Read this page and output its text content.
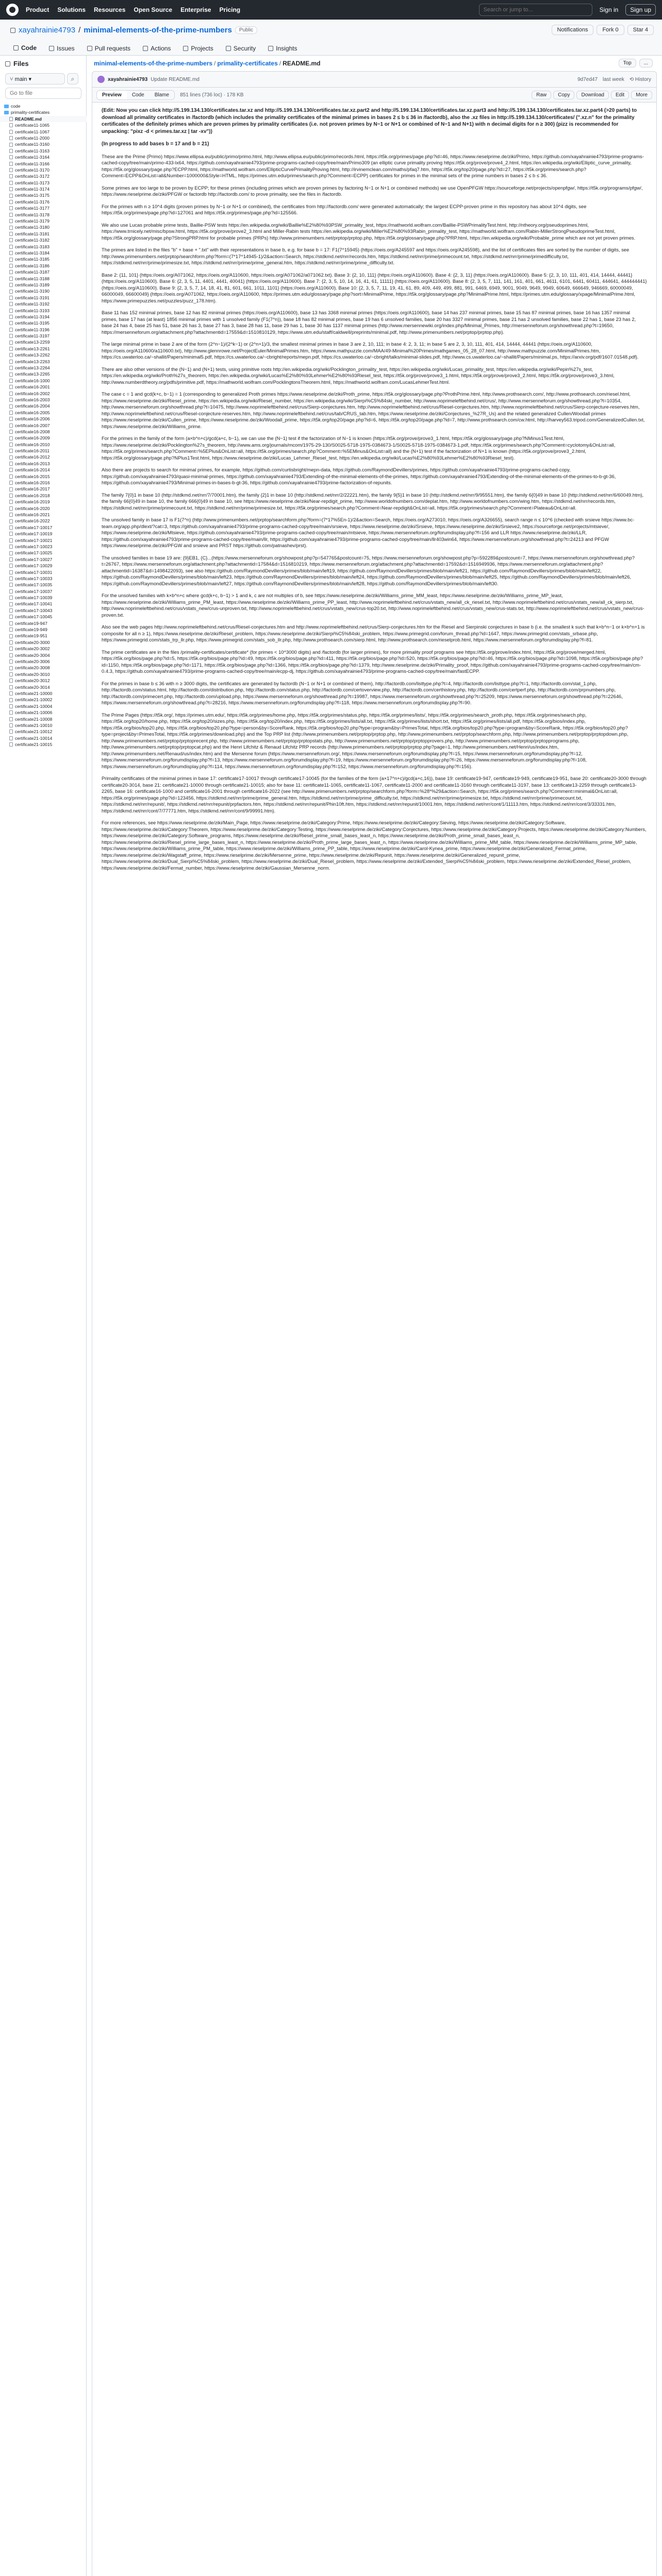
Product Solutions Resources Open Source Enterprise Pricing
Search or jump to...	Sign in	Sign up
xayahrainie4793 / minimal-elements-of-the-prime-numbers	Public	Notifications	Fork 0	Star 4
Code	Issues	Pull requests	Actions	Projects	Security	Insights
Files
⑂ main ▾	⌕
Go to file
code
primality-certificates
README.md
certificate11-1065
certificate11-1067
certificate11-2000
certificate11-3160
certificate11-3163
certificate11-3164
certificate11-3166
certificate11-3170
certificate11-3172
certificate11-3173
certificate11-3174
certificate11-3175
certificate11-3176
certificate11-3177
certificate11-3178
certificate11-3179
certificate11-3180
certificate11-3181
certificate11-3182
certificate11-3183
certificate11-3184
certificate11-3185
certificate11-3186
certificate11-3187
certificate11-3188
certificate11-3189
certificate11-3190
certificate11-3191
certificate11-3192
certificate11-3193
certificate11-3194
certificate11-3195
certificate11-3196
certificate11-3197
certificate13-2259
certificate13-2261
certificate13-2262
certificate13-2263
certificate13-2264
certificate13-2265
certificate16-1000
certificate16-2001
certificate16-2002
certificate16-2003
certificate16-2004
certificate16-2005
certificate16-2006
certificate16-2007
certificate16-2008
certificate16-2009
certificate16-2010
certificate16-2011
certificate16-2012
certificate16-2013
certificate16-2014
certificate16-2015
certificate16-2016
certificate16-2017
certificate16-2018
certificate16-2019
certificate16-2020
certificate16-2021
certificate16-2022
certificate17-10017
certificate17-10019
certificate17-10021
certificate17-10023
certificate17-10025
certificate17-10027
certificate17-10029
certificate17-10031
certificate17-10033
certificate17-10035
certificate17-10037
certificate17-10039
certificate17-10041
certificate17-10043
certificate17-10045
certificate19-947
certificate19-949
certificate19-951
certificate20-3000
certificate20-3002
certificate20-3004
certificate20-3006
certificate20-3008
certificate20-3010
certificate20-3012
certificate20-3014
certificate21-10000
certificate21-10002
certificate21-10004
certificate21-10006
certificate21-10008
certificate21-10010
certificate21-10012
certificate21-10014
certificate21-10015
minimal-elements-of-the-prime-numbers / primality-certificates / README.md	Top	...
xayahrainie4793 Update README.md	9d7ed47 last week ⟲ History
Preview	Code	Blame	851 lines (736 loc) · 178 KB	Raw	Copy	Download	Edit	More

(Edit: Now you can click http://5.199.134.130/certificates.tar.xz and http://5.199.134.130/certificates.tar.xz.part2 and http://5.199.134.130/certificates.tar.xz.part3 and http://5.199.134.130/certificates.tar.xz.part4 (>20 parts) to download all primality certificates in /factordb (which includes the primality certificates of the minimal primes in bases 2 ≤ b ≤ 36 in /factordb), also the .xz files in http://5.199.134.130/certificates/ (".xz.n" for the primality certificates of the definitely primes which are proven primes by primality certificates (i.e. not proven primes by N−1 or N+1 or combined of N−1 and N+1) with n decimal digits for n ≥ 300) (pizz is recommended for unpacking: "pixz -d < primes.tar.xz | tar -xv"))

(In progress to add bases b = 17 and b = 21)

These are the Prime (Primo) https://www.ellipsa.eu/public/primo/primo.html, http://www.ellipsa.eu/public/primo/records.html, https://t5k.org/primes/page.php?id=46, https://www.rieselprime.de/ziki/Primo, https://github.com/xayahrainie4793/prime-programs-cached-copy/tree/main/primo-433-lx64, https://github.com/xayahrainie4793/prime-programs-cached-copy/tree/main/Primo309 (an elliptic curve primality proving https://t5k.org/prove/prove4_2.html, https://en.wikipedia.org/wiki/Elliptic_curve_primality, https://t5k.org/glossary/page.php?ECPP.html, https://mathworld.wolfram.com/EllipticCurvePrimalityProving.html, http://irvinemclean.com/maths/pfaq7.htm, https://t5k.org/top20/page.php?id=27, https://t5k.org/primes/search.php?Comment=ECPP&OnList=all&Number=1000000&Style=HTML, https://primes.utm.edu/primes/search.php?Comment=ECPP) certificates for primes in the minimal sets of the prime numbers in bases 2 ≤ b ≤ 36.

Some primes are too large to be proven by ECPP; for these primes (including primes which are proven primes by factoring N−1 or N+1 or combined methods) we use OpenPFGW https://sourceforge.net/projects/openpfgw/, https://t5k.org/programs/pfgw/, https://www.rieselprime.de/ziki/PFGW or factordb http://factordb.com/ to prove primality, see the files in /factordb.

For the primes with n ≥ 10^4 digits (proven primes by N−1 or N+1 or combined), the certificates from http://factordb.com/ were generated automatically; the largest ECPP-proven prime in this repository has about 10^4 digits, see https://t5k.org/primes/page.php?id=127061 and https://t5k.org/primes/page.php?id=125566.

We also use Lucas probable prime tests, Baillie-PSW tests https://en.wikipedia.org/wiki/Baillie%E2%80%93PSW_primality_test, https://mathworld.wolfram.com/Baillie-PSWPrimalityTest.html, http://ntheory.org/pseudoprimes.html, https://www.trnicely.net/misc/bpsw.html, https://t5k.org/prove/prove2_3.html and Miller-Rabin tests https://en.wikipedia.org/wiki/Miller%E2%80%93Rabin_primality_test, https://mathworld.wolfram.com/Rabin-MillerStrongPseudoprimeTest.html, https://t5k.org/glossary/page.php?StrongPRP.html for probable primes (PRPs) http://www.primenumbers.net/prptop/prptop.php, https://t5k.org/glossary/page.php?PRP.html, https://en.wikipedia.org/wiki/Probable_prime which are not yet proven primes.

The primes are listed in the files "b" + base + ".txt" with their representations in base b, e.g. for base b = 17: F1(7^15945) (https://oeis.org/A245597 and https://oeis.org/A245598), and the list of certificates files are sorted by the number of digits, see http://www.primenumbers.net/prptop/searchform.php?form=(7*17^14945-1)/2&action=Search, https://stdkmd.net/nrr/records.htm, https://stdkmd.net/nrr/prime/primecount.txt, https://stdkmd.net/nrr/prime/primedifficulty.txt, https://stdkmd.net/nrr/prime/primesize.txt, https://stdkmd.net/nrr/prime/prime_general.htm, https://stdkmd.net/nrr/prime/prime_difficulty.txt.

Base 2: {11, 101} (https://oeis.org/A071062, https://oeis.org/A110600, https://oeis.org/A071062/a071062.txt). Base 3: {2, 10, 111} (https://oeis.org/A110600). Base 4: {2, 3, 11} (https://oeis.org/A110600). Base 5: {2, 3, 10, 111, 401, 414, 14444, 44441} (https://oeis.org/A110600). Base 6: {2, 3, 5, 11, 4401, 4441, 40041} (https://oeis.org/A110600). Base 7: {2, 3, 5, 10, 14, 16, 41, 61, 11111} (https://oeis.org/A110600). Base 8: {2, 3, 5, 7, 111, 141, 161, 401, 661, 4611, 6101, 6441, 60411, 444641, 444444441} (https://oeis.org/A110600). Base 9: {2, 3, 5, 7, 14, 18, 41, 81, 601, 661, 1011, 1101} (https://oeis.org/A110600). Base 10: {2, 3, 5, 7, 11, 19, 41, 61, 89, 409, 449, 499, 881, 991, 6469, 6949, 9001, 9049, 9649, 9949, 60649, 666649, 946669, 60000049, 66000049, 66600049} (https://oeis.org/A071062, https://oeis.org/A110600, https://primes.utm.edu/glossary/page.php?sort=MinimalPrime, https://t5k.org/glossary/page.php?MinimalPrime.html, https://primes.utm.edu/glossary/xpage/MinimalPrime.html, https://www.primepuzzles.net/puzzles/puzz_178.htm).

Base 11 has 152 minimal primes, base 12 has 82 minimal primes (https://oeis.org/A110600), base 13 has 3368 minimal primes (https://oeis.org/A110600), base 14 has 237 minimal primes, base 15 has 87 minimal primes, base 16 has 1357 minimal primes, base 17 has (at least) 1856 minimal primes with 1 unsolved family (F1(7^n)), base 18 has 82 minimal primes, base 19 has 6 unsolved families, base 20 has 3327 minimal primes, base 21 has 2 unsolved families, base 22 has 1, base 23 has 2, base 24 has 4, base 25 has 51, base 26 has 3, base 27 has 3, base 28 has 11, base 29 has 1, base 30 has 1137 minimal primes (http://www.mersennewiki.org/index.php/Minimal_Primes, http://mersenneforum.org/showthread.php?t=19650, https://mersenneforum.org/attachment.php?attachmentid=17559&d=1510810129, https://www.utm.edu/staff/caldwell/preprints/minimal.pdf, http://www.primenumbers.net/prptop/prptop.php).

The large minimal prime in base 2 are of the form (2^n−1)/(2^k−1) or (2^n+1)/3, the smallest minimal primes in base 3 are 2, 10, 111; in base 4: 2, 3, 11; in base 5 are 2, 3, 10, 111, 401, 414, 14444, 44441 (https://oeis.org/A110600, https://oeis.org/A110600/a110600.txt), http://www.glennrowe.net/ProjectEuler/MinimalPrimes.htm, https://www.mathpuzzle.com/MAA/49-Minimal%20Primes/mathgames_05_28_07.html, http://www.mathpuzzle.com/MinimalPrimes.htm, https://cs.uwaterloo.ca/~shallit/Papers/minimal5.pdf, https://cs.uwaterloo.ca/~cbright/reports/mepn.pdf, https://cs.uwaterloo.ca/~cbright/talks/minimal-slides.pdf, http://www.cs.uwaterloo.ca/~shallit/Papers/minimal.ps, https://arxiv.org/pdf/1607.01548.pdf).

There are also other versions of the (N−1) and (N+1) tests, using primitive roots http://en.wikipedia.org/wiki/Pocklington_primality_test, https://en.wikipedia.org/wiki/Lucas_primality_test, https://en.wikipedia.org/wiki/Pepin%27s_test, https://en.wikipedia.org/wiki/Proth%27s_theorem, https://en.wikipedia.org/wiki/Lucas%E2%80%93Lehmer%E2%80%93Riesel_test, https://t5k.org/prove/prove3_1.html, https://t5k.org/prove/prove3_2.html, https://t5k.org/prove/prove3_3.html, http://www.numberdtheory.org/pdfs/primitive.pdf, https://mathworld.wolfram.com/PocklingtonsTheorem.html, https://mathworld.wolfram.com/LucasLehmerTest.html.

The case c = 1 and gcd(k+c, b−1) = 1 (corresponding to generalized Proth primes https://www.rieselprime.de/ziki/Proth_prime, https://t5k.org/glossary/page.php?ProthPrime.html, http://www.prothsearch.com/, http://www.prothsearch.com/riesel.html, https://www.rieselprime.de/ziki/Riesel_prime, https://en.wikipedia.org/wiki/Riesel_number, https://en.wikipedia.org/wiki/Sierpi%C5%84ski_number, http://www.noprimeleftbehind.net/crus/, http://www.mersenneforum.org/showthread.php?t=10354, http://www.mersenneforum.org/showthread.php?t=10475, http://www.noprimeleftbehind.net/crus/Sierp-conjectures.htm, http://www.noprimeleftbehind.net/crus/Riesel-conjectures.htm, http://www.noprimeleftbehind.net/crus/Sierp-conjecture-reserves.htm, http://www.noprimeleftbehind.net/crus/Riesel-conjecture-reserves.htm, http://www.noprimeleftbehind.net/crus/tab/CRUS_tab.htm, https://www.rieselprime.de/ziki/Conjectures_%27R_Us) and the related generalized Cullen/Woodall primes https://www.rieselprime.de/ziki/Cullen_prime, https://www.rieselprime.de/ziki/Woodall_prime, https://t5k.org/top20/page.php?id=6, https://t5k.org/top20/page.php?id=7, http://www.prothsearch.com/cw.html, http://harvey563.tripod.com/GeneralizedCullen.txt, https://www.rieselprime.de/ziki/Williams_prime.

For the primes in the family of the form (a×b^n+c)/gcd(a+c, b−1), we can use the (N−1) test if the factorization of N−1 is known (https://t5k.org/prove/prove3_1.html, https://t5k.org/glossary/page.php?NMinus1Test.html, https://www.rieselprime.de/ziki/Pocklington%27s_theorem, http://www.ams.org/journals/mcom/1975-29-130/S0025-5718-1975-0384673-1/S0025-5718-1975-0384673-1.pdf, https://t5k.org/primes/search.php?Comment=cyclotomy&OnList=all, https://t5k.org/primes/search.php?Comment=%5EPlus&OnList=all, https://t5k.org/primes/search.php?Comment=%5EMinus&OnList=all) and the (N+1) test if the factorization of N+1 is known (https://t5k.org/prove/prove3_2.html, https://t5k.org/glossary/page.php?NPlus1Test.html, https://www.rieselprime.de/ziki/Lucas_Lehmer_Riesel_test, https://en.wikipedia.org/wiki/Lucas%E2%80%93Lehmer%E2%80%93Riesel_test).

Also there are projects to search for minimal primes, for example, https://github.com/curtisbright/mepn-data, https://github.com/RaymondDevillers/primes, https://github.com/xayahrainie4793/prime-programs-cached-copy, https://github.com/xayahrainie4793/quasi-minimal-primes, https://github.com/xayahrainie4793/Extending-of-the-minimal-elements-of-the-primes, https://github.com/xayahrainie4793/Extending-of-the-minimal-elements-of-the-primes-to-b-gt-36, https://github.com/xayahrainie4793/Minimal-primes-in-bases-b-gt-36, https://github.com/xayahrainie4793/prime-factorization-of-repunits.

The family 7{0}1 in base 10 (http://stdkmd.net/nrr/7/70001.htm), the family {2}1 in base 10 (http://stdkmd.net/nrr/2/22221.htm), the family 9{5}1 in base 10 (http://stdkmd.net/nrr/9/95551.htm), the family 6{0}49 in base 10 (http://stdkmd.net/nrr/6/60049.htm), the family 66{0}49 in base 10, the family 666{0}49 in base 10, see https://www.rieselprime.de/ziki/Near-repdigit_prime, http://www.worldofnumbers.com/deplat.htm, http://www.worldofnumbers.com/wing.htm, https://stdkmd.net/nrr/records.htm, https://stdkmd.net/nrr/prime/primecount.txt, https://stdkmd.net/nrr/prime/primesize.txt, https://t5k.org/primes/search.php?Comment=Near-repdigit&OnList=all, https://t5k.org/primes/search.php?Comment=Plateau&OnList=all.

The unsolved family in base 17 is F1(7^n) (http://www.primenumbers.net/prptop/searchform.php?form=(7*17%5En-1)/2&action=Search, https://oeis.org/A273010, https://oeis.org/A326655), search range n ≤ 10^6 (checked with srsieve https://www.bc-team.org/app.php/dlext/?cat=3, https://github.com/xayahrainie4793/prime-programs-cached-copy/tree/main/srsieve, https://www.rieselprime.de/ziki/Srsieve, https://www.rieselprime.de/ziki/Srsieve2, https://sourceforge.net/projects/mtsieve/, https://www.rieselprime.de/ziki/Mtsieve, https://github.com/xayahrainie4793/prime-programs-cached-copy/tree/main/mtsieve, https://www.mersenneforum.org/forumdisplay.php?f=156 and LLR https://www.rieselprime.de/ziki/LLR, https://github.com/xayahrainie4793/prime-programs-cached-copy/tree/main/llr, https://github.com/xayahrainie4793/prime-programs-cached-copy/tree/main/llr403win64, https://www.mersenneforum.org/showthread.php?t=24213 and PFGW https://www.rieselprime.de/ziki/PFGW and srsieve and PRST https://github.com/patnashev/prst).

The unsolved families in base 19 are: {9}EB1, {C}...(https://www.mersenneforum.org/showpost.php?p=547765&postcount=75, https://www.mersenneforum.org/showpost.php?p=592289&postcount=7, https://www.mersenneforum.org/showthread.php?t=26767, https://www.mersenneforum.org/attachment.php?attachmentid=17584&d=1516810219, https://www.mersenneforum.org/attachment.php?attachmentid=17592&d=1516949936, https://www.mersenneforum.org/attachment.php?attachmentid=16387&d=1498422093), see also https://github.com/RaymondDevillers/primes/blob/main/left19, https://github.com/RaymondDevillers/primes/blob/main/left21, https://github.com/RaymondDevillers/primes/blob/main/left22, https://github.com/RaymondDevillers/primes/blob/main/left23, https://github.com/RaymondDevillers/primes/blob/main/left24, https://github.com/RaymondDevillers/primes/blob/main/left25, https://github.com/RaymondDevillers/primes/blob/main/left26, https://github.com/RaymondDevillers/primes/blob/main/left27, https://github.com/RaymondDevillers/primes/blob/main/left28, https://github.com/RaymondDevillers/primes/blob/main/left30.

For the unsolved families with k×b^n+c where gcd(k+c, b−1) > 1 and k, c are not multiples of b, see https://www.rieselprime.de/ziki/Williams_prime_MM_least, https://www.rieselprime.de/ziki/Williams_prime_MP_least, https://www.rieselprime.de/ziki/Williams_prime_PM_least, https://www.rieselprime.de/ziki/Williams_prime_PP_least, http://www.noprimeleftbehind.net/crus/vstats_new/all_ck_riesel.txt, http://www.noprimeleftbehind.net/crus/vstats_new/all_ck_sierp.txt, http://www.noprimeleftbehind.net/crus/vstats_new/crus-unproven.txt, http://www.noprimeleftbehind.net/crus/vstats_new/crus-top20.txt, http://www.noprimeleftbehind.net/crus/vstats_new/crus-stats.txt, http://www.noprimeleftbehind.net/crus/vstats_new/crus-proven.txt.

Also see the web pages http://www.noprimeleftbehind.net/crus/Riesel-conjectures.htm and http://www.noprimeleftbehind.net/crus/Sierp-conjectures.htm for the Riesel and Sierpinski conjectures in base b (i.e. the smallest k such that k×b^n−1 or k×b^n+1 is composite for all n ≥ 1), https://www.rieselprime.de/ziki/Riesel_problem, https://www.rieselprime.de/ziki/Sierpi%C5%84ski_problem, https://www.primegrid.com/forum_thread.php?id=1647, https://www.primegrid.com/stats_srbase.php, https://www.primegrid.com/stats_trp_llr.php, https://www.primegrid.com/stats_sob_llr.php, http://www.prothsearch.com/sierp.html, http://www.prothsearch.com/rieselprob.html, https://www.mersenneforum.org/forumdisplay.php?f=81.

The prime certificates are in the files /primality-certificates/certificate* (for primes < 10^3000 digits) and /factordb (for larger primes), for more primality proof programs see https://t5k.org/prove/index.html, https://t5k.org/prove/merged.html, https://t5k.org/bios/page.php?id=5, https://t5k.org/bios/page.php?id=49, https://t5k.org/bios/page.php?id=411, https://t5k.org/bios/page.php?id=520, https://t5k.org/bios/page.php?id=46, https://t5k.org/bios/page.php?id=1098, https://t5k.org/bios/page.php?id=1150, https://t5k.org/bios/page.php?id=1171, https://t5k.org/bios/page.php?id=1366, https://t5k.org/bios/page.php?id=1379, http://www.rieselprime.de/ziki/Primality_proof, https://github.com/xayahrainie4793/prime-programs-cached-copy/tree/main/cm-0.4.3, https://github.com/xayahrainie4793/prime-programs-cached-copy/tree/main/ecpp-dj, https://github.com/xayahrainie4793/prime-programs-cached-copy/tree/main/fastECPP.

For the primes in base b ≤ 36 with n ≥ 3000 digits, the certificates are generated by factordb (N−1 or N+1 or combined of them), http://factordb.com/listtype.php?t=4, http://factordb.com/listtype.php?t=1, http://factordb.com/stat_1.php, http://factordb.com/status.html, http://factordb.com/distribution.php, http://factordb.com/status.php, http://factordb.com/certoverview.php, http://factordb.com/certhistory.php, http://factordb.com/certperf.php, http://factordb.com/prpnumbers.php, http://factordb.com/primecert.php, http://factordb.com/upload.php, https://www.mersenneforum.org/showthread.php?t=19987, https://www.mersenneforum.org/showthread.php?t=25209, https://www.mersenneforum.org/showthread.php?t=22646, https://www.mersenneforum.org/showthread.php?t=28216, https://www.mersenneforum.org/forumdisplay.php?f=118, https://www.mersenneforum.org/forumdisplay.php?f=90.

The Prime Pages (https://t5k.org/, https://primes.utm.edu/, https://t5k.org/primes/home.php, https://t5k.org/primes/status.php, https://t5k.org/primes/lists/, https://t5k.org/primes/search_proth.php, https://t5k.org/primes/search.php, https://t5k.org/top20/home.php, https://t5k.org/top20/sizes.php, https://t5k.org/top20/index.php, https://t5k.org/primes/lists/all.txt, https://t5k.org/primes/lists/short.txt, https://t5k.org/primes/lists/all.pdf, https://t5k.org/bios/index.php, https://t5k.org/bios/top20.php, https://t5k.org/bios/top20.php?type=person&by=ScoreRank, https://t5k.org/bios/top20.php?type=program&by=PrimesTotal, https://t5k.org/bios/top20.php?type=program&by=ScoreRank, https://t5k.org/bios/top20.php?type=project&by=PrimesTotal, https://t5k.org/primes/download.php) and the Top PRP list (http://www.primenumbers.net/prptop/prptop.php, http://www.primenumbers.net/prptop/searchform.php, http://www.primenumbers.net/prptop/prptopdown.php, http://www.primenumbers.net/prptop/prptoprecent.php, http://www.primenumbers.net/prptop/prptopstats.php, http://www.primenumbers.net/prptop/prptopprovers.php, http://www.primenumbers.net/prptop/prptopprograms.php, http://www.primenumbers.net/prptop/prptopcat.php) and the Henri Lifchitz & Renaud Lifchitz PRP records (http://www.primenumbers.net/prptop/prptop.php?page=1, http://www.primenumbers.net/Henri/us/index.htm, http://www.primenumbers.net/Renaud/us/index.htm) and the Mersenne forum (https://www.mersenneforum.org/, https://www.mersenneforum.org/forumdisplay.php?f=15, https://www.mersenneforum.org/forumdisplay.php?f=12, https://www.mersenneforum.org/forumdisplay.php?f=13, https://www.mersenneforum.org/forumdisplay.php?f=19, https://www.mersenneforum.org/forumdisplay.php?f=26, https://www.mersenneforum.org/forumdisplay.php?f=108, https://www.mersenneforum.org/forumdisplay.php?f=114, https://www.mersenneforum.org/forumdisplay.php?f=152, https://www.mersenneforum.org/forumdisplay.php?f=156).

Primality certificates of the minimal primes in base 17: certificate17-10017 through certificate17-10045 (for the families of the form (a×17^n+c)/gcd(a+c,16)), base 19: certificate19-947, certificate19-949, certificate19-951, base 20: certificate20-3000 through certificate20-3014, base 21: certificate21-10000 through certificate21-10015; also for base 11: certificate11-1065, certificate11-1067, certificate11-2000 and certificate11-3160 through certificate11-3197, base 13: certificate13-2259 through certificate13-2265, base 16: certificate16-1000 and certificate16-2001 through certificate16-2022 (see http://www.primenumbers.net/prptop/searchform.php?form=%28*%29&action=Search, https://t5k.org/primes/search.php?Comment=minimal&OnList=all, https://t5k.org/primes/page.php?id=123456, https://stdkmd.net/nrr/prime/prime_general.htm, https://stdkmd.net/nrr/prime/prime_difficulty.txt, https://stdkmd.net/nrr/prime/primesize.txt, https://stdkmd.net/nrr/prime/primecount.txt, https://stdkmd.net/nrr/repunit/, https://stdkmd.net/nrr/repunit/prpfactors.htm, https://stdkmd.net/nrr/repunit/Phin10ft.htm, https://stdkmd.net/nrr/repunit/10001.htm, https://stdkmd.net/nrr/cont/1/11113.htm, https://stdkmd.net/nrr/cont/3/33331.htm, https://stdkmd.net/nrr/cont/7/77771.htm, https://stdkmd.net/nrr/cont/9/99991.htm).

For more references, see https://www.rieselprime.de/ziki/Main_Page, https://www.rieselprime.de/ziki/Category:Prime, https://www.rieselprime.de/ziki/Category:Sieving, https://www.rieselprime.de/ziki/Category:Software, https://www.rieselprime.de/ziki/Category:Theorem, https://www.rieselprime.de/ziki/Category:Testing, https://www.rieselprime.de/ziki/Category:Conjectures, https://www.rieselprime.de/ziki/Category:Projects, https://www.rieselprime.de/ziki/Category:Numbers, https://www.rieselprime.de/ziki/Category:Software_programs, https://www.rieselprime.de/ziki/Riesel_prime_small_bases_least_n, https://www.rieselprime.de/ziki/Proth_prime_small_bases_least_n, https://www.rieselprime.de/ziki/Riesel_prime_large_bases_least_n, https://www.rieselprime.de/ziki/Proth_prime_large_bases_least_n, https://www.rieselprime.de/ziki/Williams_prime_MM_table, https://www.rieselprime.de/ziki/Williams_prime_MP_table, https://www.rieselprime.de/ziki/Williams_prime_PM_table, https://www.rieselprime.de/ziki/Williams_prime_PP_table, https://www.rieselprime.de/ziki/Carol-Kynea_prime, https://www.rieselprime.de/ziki/Generalized_Fermat_prime, https://www.rieselprime.de/ziki/Wagstaff_prime, https://www.rieselprime.de/ziki/Mersenne_prime, https://www.rieselprime.de/ziki/Repunit, https://www.rieselprime.de/ziki/Generalized_repunit_prime, https://www.rieselprime.de/ziki/Dual_Sierpi%C5%84ski_problem, https://www.rieselprime.de/ziki/Dual_Riesel_problem, https://www.rieselprime.de/ziki/Extended_Sierpi%C5%84ski_problem, https://www.rieselprime.de/ziki/Extended_Riesel_problem, https://www.rieselprime.de/ziki/Fermat_number, https://www.rieselprime.de/ziki/Gaussian_Mersenne_norm.
